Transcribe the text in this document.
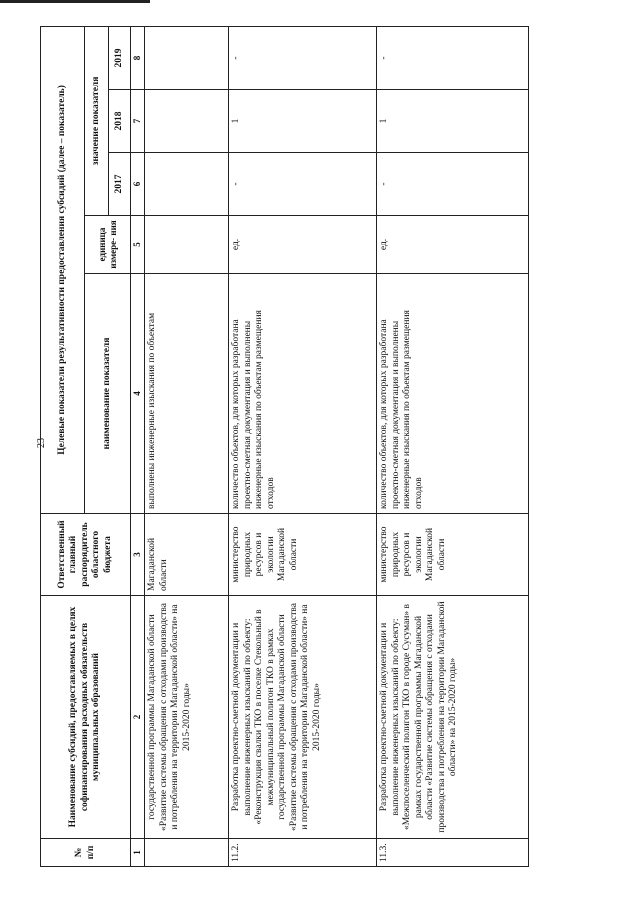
23
№ п/п	Наименование субсидий, предоставляемых в целях софинансирования расходных обязательств муниципальных образований	Ответственный главный распорядитель областного бюджета	Целевые показатели результативности предоставления субсидий (далее – показатель)				
			наименование показателя	единица измере- ния	значение показателя		
					2017	2018	2019
1	2	3	4	5	6	7	8
	государственной программы Магаданской области «Развитие системы обращения с отходами производства и потребления на территории Магаданской области» на 2015-2020 годы»	Магаданской области	выполнены инженерные изыскания по объектам				
11.2.	Разработка проектно-сметной документации и выполнение инженерных изысканий по объекту: «Реконструкция свалки ТКО в поселке Стекольный в межмуниципальный полигон ТКО в рамках государственной программы Магаданской области «Развитие системы обращения с отходами производства и потребления на территории Магаданской области» на 2015-2020 годы»	министерство природных ресурсов и экологии Магаданской области	количество объектов, для которых разработана проектно-сметная документация и выполнены инженерные изыскания по объектам размещения отходов	ед.	-	1	-
11.3.	Разработка проектно-сметной документации и выполнение инженерных изысканий по объекту: «Межпоселенческий полигон ТКО в городе Сусуман» в рамках государственной программы Магаданской области «Развитие системы обращения с отходами производства и потребления на территории Магаданской области» на 2015-2020 годы»	министерство природных ресурсов и экологии Магаданской области	количество объектов, для которых разработана проектно-сметная документация и выполнены инженерные изыскания по объектам размещения отходов	ед.	-	1	-
